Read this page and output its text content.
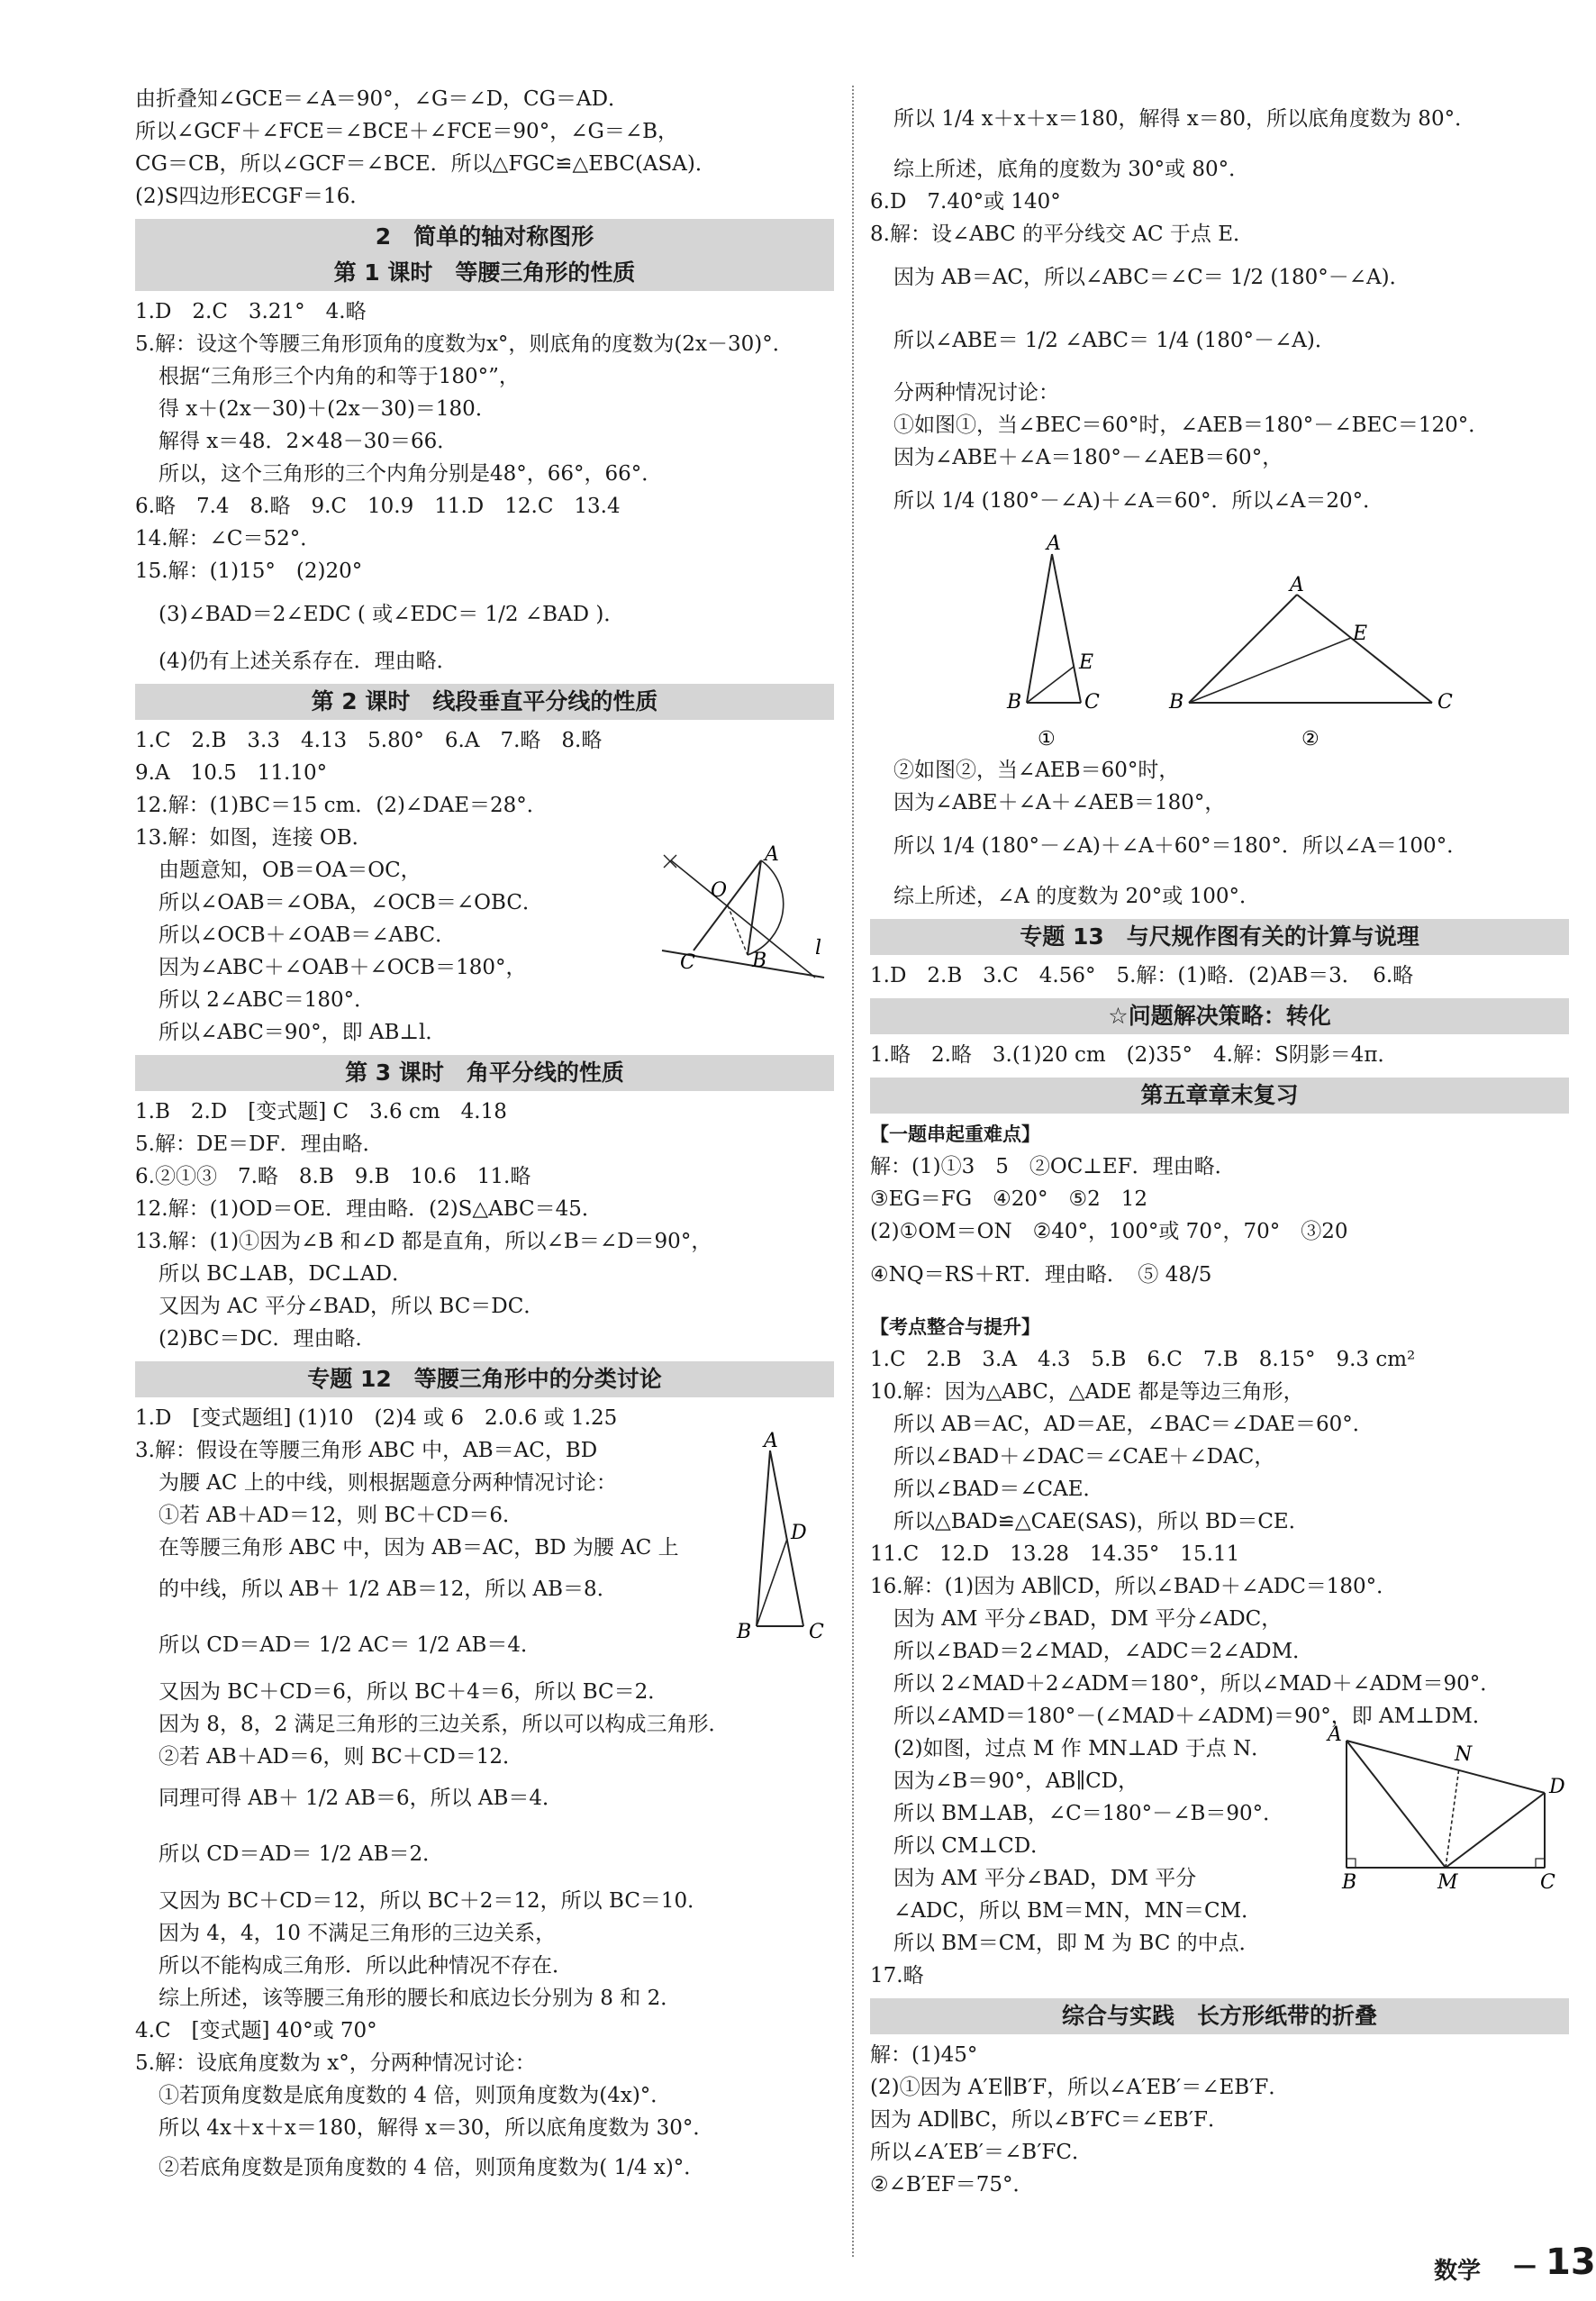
由折叠知∠GCE＝∠A＝90°，∠G＝∠D，CG＝AD．
所以∠GCF＋∠FCE＝∠BCE＋∠FCE＝90°，∠G＝∠B，
CG＝CB，所以∠GCF＝∠BCE．所以△FGC≌△EBC(ASA)．
(2)S四边形ECGF＝16．
2　简单的轴对称图形
第 1 课时　等腰三角形的性质
1.D　2.C　3.21°　4.略
5.解：设这个等腰三角形顶角的度数为x°，则底角的度数为(2x－30)°．
根据“三角形三个内角的和等于180°”，
得 x＋(2x－30)＋(2x－30)＝180．
解得 x＝48．2×48－30＝66．
所以，这个三角形的三个内角分别是48°，66°，66°．
6.略　7.4　8.略　9.C　10.9　11.D　12.C　13.4
14.解：∠C＝52°．
15.解：(1)15°　(2)20°
(3)∠BAD＝2∠EDC ( 或∠EDC＝ 1/2 ∠BAD )．
(4)仍有上述关系存在．理由略．
第 2 课时　线段垂直平分线的性质
1.C　2.B　3.3　4.13　5.80°　6.A　7.略　8.略
9.A　10.5　11.10°
12.解：(1)BC＝15 cm．(2)∠DAE＝28°．
13.解：如图，连接 OB．
由题意知，OB＝OA＝OC，
所以∠OAB＝∠OBA，∠OCB＝∠OBC．
所以∠OCB＋∠OAB＝∠ABC．
因为∠ABC＋∠OAB＋∠OCB＝180°，
所以 2∠ABC＝180°．
所以∠ABC＝90°，即 AB⊥l．
第 3 课时　角平分线的性质
1.B　2.D　[变式题] C　3.6 cm　4.18
5.解：DE＝DF．理由略．
6.②①③　7.略　8.B　9.B　10.6　11.略
12.解：(1)OD＝OE．理由略．(2)S△ABC＝45．
13.解：(1)①因为∠B 和∠D 都是直角，所以∠B＝∠D＝90°，
所以 BC⊥AB，DC⊥AD．
又因为 AC 平分∠BAD，所以 BC＝DC．
(2)BC＝DC．理由略．
专题 12　等腰三角形中的分类讨论
1.D　[变式题组] (1)10　(2)4 或 6　2.0.6 或 1.25
3.解：假设在等腰三角形 ABC 中，AB＝AC，BD
为腰 AC 上的中线，则根据题意分两种情况讨论：
①若 AB＋AD＝12，则 BC＋CD＝6．
在等腰三角形 ABC 中，因为 AB＝AC，BD 为腰 AC 上
的中线，所以 AB＋ 1/2 AB＝12，所以 AB＝8．
所以 CD＝AD＝ 1/2 AC＝ 1/2 AB＝4．
又因为 BC＋CD＝6，所以 BC＋4＝6，所以 BC＝2．
因为 8，8，2 满足三角形的三边关系，所以可以构成三角形．
②若 AB＋AD＝6，则 BC＋CD＝12．
同理可得 AB＋ 1/2 AB＝6，所以 AB＝4．
所以 CD＝AD＝ 1/2 AB＝2．
又因为 BC＋CD＝12，所以 BC＋2＝12，所以 BC＝10．
因为 4，4，10 不满足三角形的三边关系，
所以不能构成三角形．所以此种情况不存在．
综上所述，该等腰三角形的腰长和底边长分别为 8 和 2．
4.C　[变式题] 40°或 70°
5.解：设底角度数为 x°，分两种情况讨论：
①若顶角度数是底角度数的 4 倍，则顶角度数为(4x)°．
所以 4x＋x＋x＝180，解得 x＝30，所以底角度数为 30°．
②若底角度数是顶角度数的 4 倍，则顶角度数为( 1/4 x)°．
所以 1/4 x＋x＋x＝180，解得 x＝80，所以底角度数为 80°．
综上所述，底角的度数为 30°或 80°．
6.D　7.40°或 140°
8.解：设∠ABC 的平分线交 AC 于点 E．
因为 AB＝AC，所以∠ABC＝∠C＝ 1/2 (180°－∠A)．
所以∠ABE＝ 1/2 ∠ABC＝ 1/4 (180°－∠A)．
分两种情况讨论：
①如图①，当∠BEC＝60°时，∠AEB＝180°－∠BEC＝120°．
因为∠ABE＋∠A＝180°－∠AEB＝60°，
所以 1/4 (180°－∠A)＋∠A＝60°．所以∠A＝20°．
②如图②，当∠AEB＝60°时，
因为∠ABE＋∠A＋∠AEB＝180°，
所以 1/4 (180°－∠A)＋∠A＋60°＝180°．所以∠A＝100°．
综上所述，∠A 的度数为 20°或 100°．
专题 13　与尺规作图有关的计算与说理
1.D　2.B　3.C　4.56°　5.解：(1)略．(2)AB＝3．　6.略
☆问题解决策略：转化
1.略　2.略　3.(1)20 cm　(2)35°　4.解：S阴影＝4π．
第五章章末复习
【一题串起重难点】
解：(1)①3　5　②OC⊥EF．理由略．
③EG＝FG　④20°　⑤2　12
(2)①OM＝ON　②40°，100°或 70°，70°　③20
④NQ＝RS＋RT．理由略．　⑤ 48/5
【考点整合与提升】
1.C　2.B　3.A　4.3　5.B　6.C　7.B　8.15°　9.3 cm²
10.解：因为△ABC，△ADE 都是等边三角形，
所以 AB＝AC，AD＝AE，∠BAC＝∠DAE＝60°．
所以∠BAD＋∠DAC＝∠CAE＋∠DAC，
所以∠BAD＝∠CAE．
所以△BAD≌△CAE(SAS)，所以 BD＝CE．
11.C　12.D　13.28　14.35°　15.11
16.解：(1)因为 AB∥CD，所以∠BAD＋∠ADC＝180°．
因为 AM 平分∠BAD，DM 平分∠ADC，
所以∠BAD＝2∠MAD，∠ADC＝2∠ADM．
所以 2∠MAD＋2∠ADM＝180°，所以∠MAD＋∠ADM＝90°．
所以∠AMD＝180°－(∠MAD＋∠ADM)＝90°，即 AM⊥DM．
(2)如图，过点 M 作 MN⊥AD 于点 N．
因为∠B＝90°，AB∥CD，
所以 BM⊥AB，∠C＝180°－∠B＝90°．
所以 CM⊥CD．
因为 AM 平分∠BAD，DM 平分
∠ADC，所以 BM＝MN，MN＝CM．
所以 BM＝CM，即 M 为 BC 的中点．
17.略
综合与实践　长方形纸带的折叠
解：(1)45°
(2)①因为 A′E∥B′F，所以∠A′EB′＝∠EB′F．
因为 AD∥BC，所以∠B′FC＝∠EB′F．
所以∠A′EB′＝∠B′FC．
②∠B′EF＝75°．
A
O
C	B
l
A
D
B	C
A
E
B	C
①
A
E
B	C
②
A
N
D
B	M	C
数学 — 13
